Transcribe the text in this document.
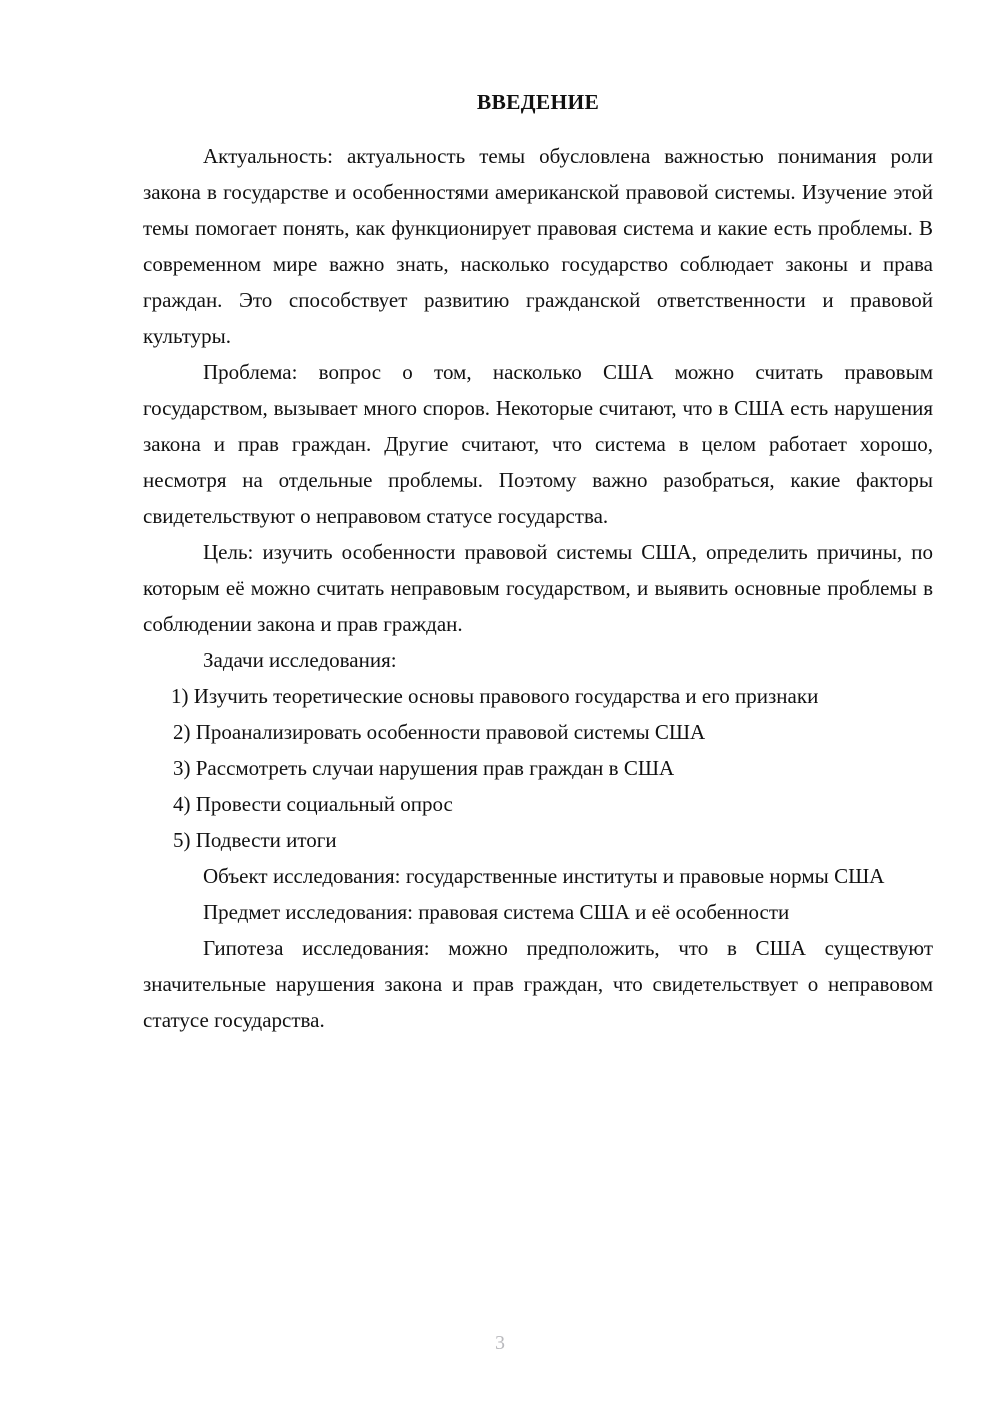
ВВЕДЕНИЕ

Актуальность: актуальность темы обусловлена важностью понимания роли закона в государстве и особенностями американской правовой системы. Изучение этой темы помогает понять, как функционирует правовая система и какие есть проблемы. В современном мире важно знать, насколько государство соблюдает законы и права граждан. Это способствует развитию гражданской ответственности и правовой культуры.

Проблема: вопрос о том, насколько США можно считать правовым государством, вызывает много споров. Некоторые считают, что в США есть нарушения закона и прав граждан. Другие считают, что система в целом работает хорошо, несмотря на отдельные проблемы. Поэтому важно разобраться, какие факторы свидетельствуют о неправовом статусе государства.

Цель: изучить особенности правовой системы США, определить причины, по которым её можно считать неправовым государством, и выявить основные проблемы в соблюдении закона и прав граждан.

Задачи исследования:

1) Изучить теоретические основы правового государства и его признаки
2) Проанализировать особенности правовой системы США
3) Рассмотреть случаи нарушения прав граждан в США
4) Провести социальный опрос
5) Подвести итоги

Объект исследования: государственные институты и правовые нормы США

Предмет исследования: правовая система США и её особенности

Гипотеза исследования: можно предположить, что в США существуют значительные нарушения закона и прав граждан, что свидетельствует о неправовом статусе государства.

3
